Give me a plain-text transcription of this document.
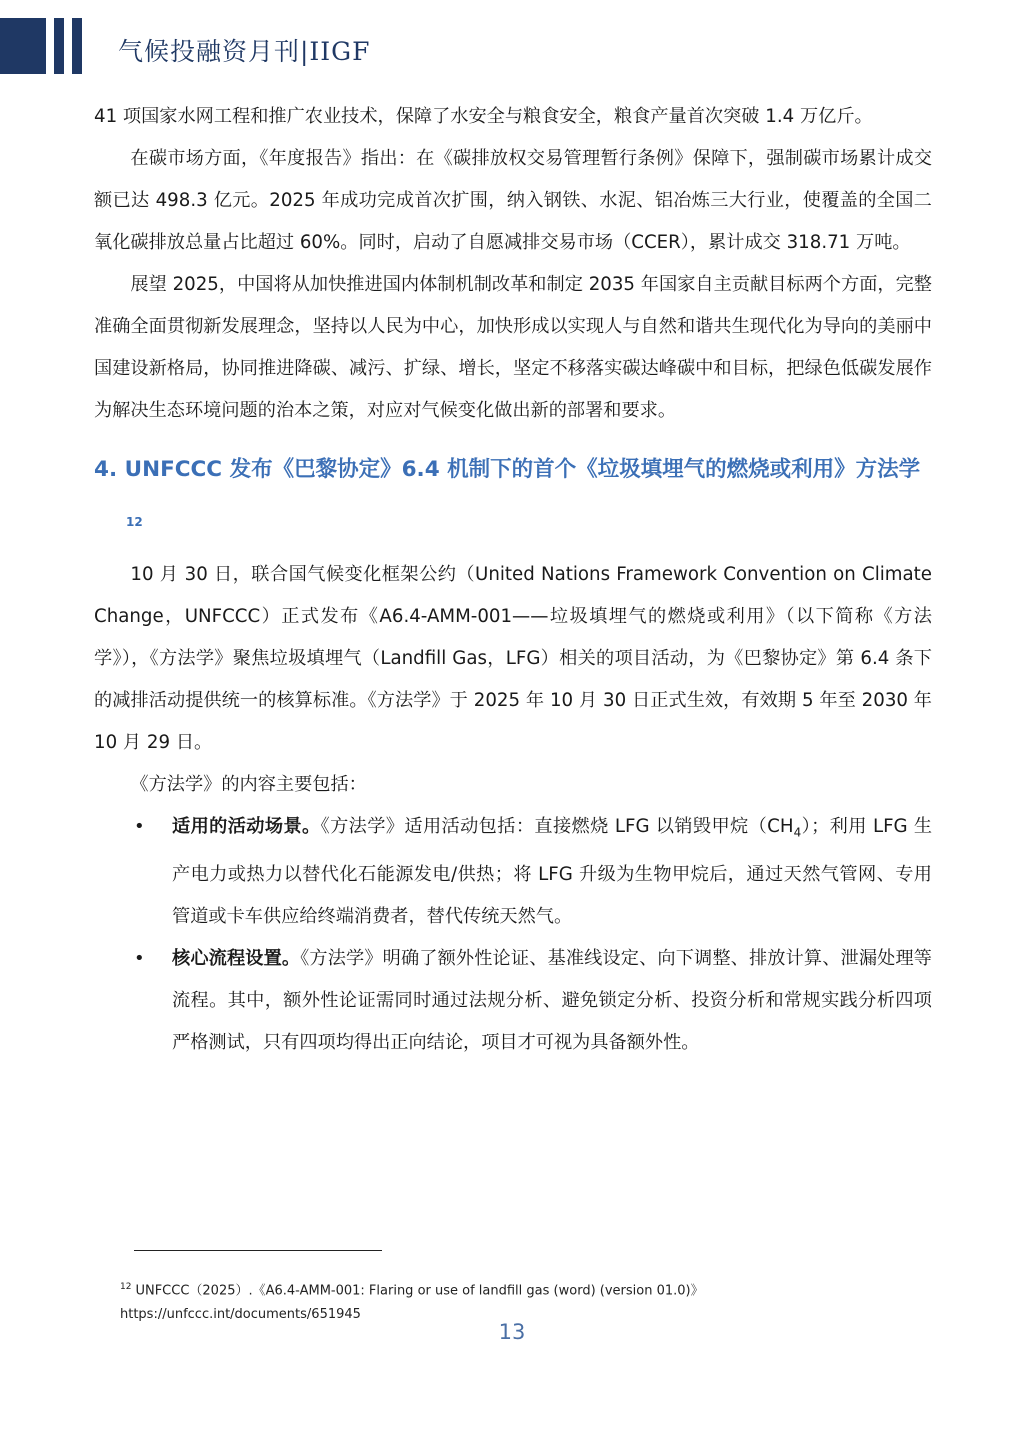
气候投融资月刊|IIGF

41 项国家水网工程和推广农业技术，保障了水安全与粮食安全，粮食产量首次突破 1.4 万亿斤。

在碳市场方面，《年度报告》指出：在《碳排放权交易管理暂行条例》保障下，强制碳市场累计成交额已达 498.3 亿元。2025 年成功完成首次扩围，纳入钢铁、水泥、铝冶炼三大行业，使覆盖的全国二氧化碳排放总量占比超过 60%。同时，启动了自愿减排交易市场（CCER），累计成交 318.71 万吨。

展望 2025，中国将从加快推进国内体制机制改革和制定 2035 年国家自主贡献目标两个方面，完整准确全面贯彻新发展理念，坚持以人民为中心，加快形成以实现人与自然和谐共生现代化为导向的美丽中国建设新格局，协同推进降碳、减污、扩绿、增长，坚定不移落实碳达峰碳中和目标，把绿色低碳发展作为解决生态环境问题的治本之策，对应对气候变化做出新的部署和要求。

4. UNFCCC 发布《巴黎协定》6.4 机制下的首个《垃圾填埋气的燃烧或利用》方法学$^{12}$

10 月 30 日，联合国气候变化框架公约（United Nations Framework Convention on Climate Change，UNFCCC）正式发布《A6.4-AMM-001——垃圾填埋气的燃烧或利用》（以下简称《方法学》），《方法学》聚焦垃圾填埋气（Landfill Gas，LFG）相关的项目活动，为《巴黎协定》第 6.4 条下的减排活动提供统一的核算标准。《方法学》于 2025 年 10 月 30 日正式生效，有效期 5 年至 2030 年 10 月 29 日。

《方法学》的内容主要包括：

• 适用的活动场景。《方法学》适用活动包括：直接燃烧 LFG 以销毁甲烷$(CH_4)$；利用 LFG 生产电力或热力以替代化石能源发电/供热；将 LFG 升级为生物甲烷后，通过天然气管网、专用管道或卡车供应给终端消费者，替代传统天然气。

• 核心流程设置。《方法学》明确了额外性论证、基准线设定、向下调整、排放计算、泄漏处理等流程。其中，额外性论证需同时通过法规分析、避免锁定分析、投资分析和常规实践分析四项严格测试，只有四项均得出正向结论，项目才可视为具备额外性。

$^{12}$ UNFCCC（2025）.《A6.4-AMM-001: Flaring or use of landfill gas (word) (version 01.0)》
https://unfccc.int/documents/651945
13
